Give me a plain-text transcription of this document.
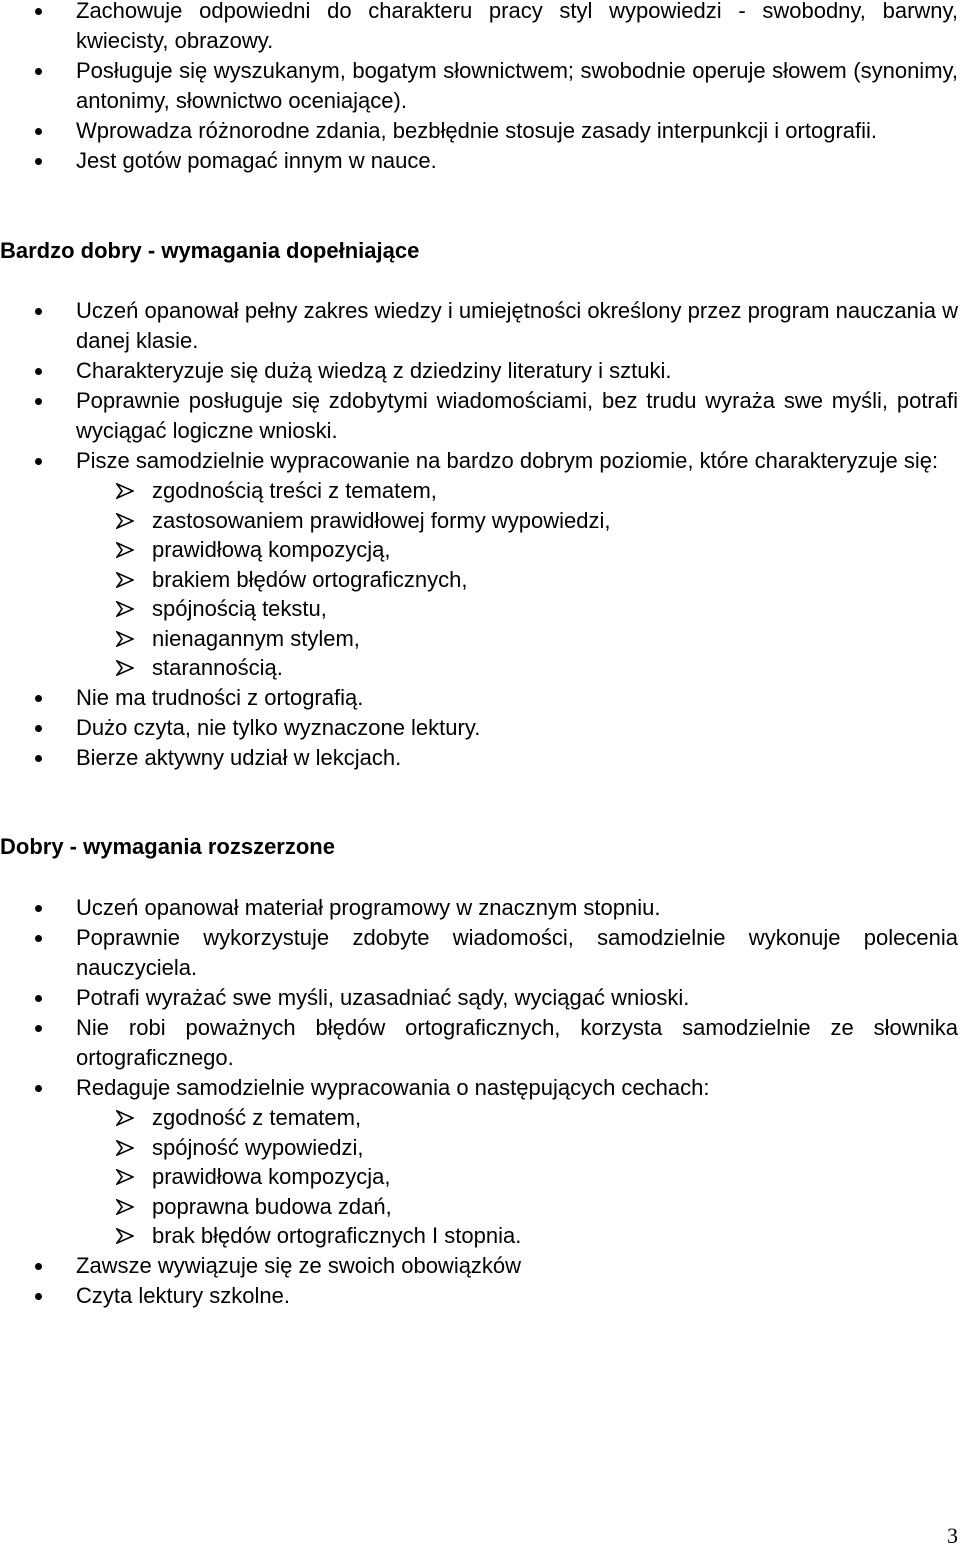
Zachowuje odpowiedni do charakteru pracy styl wypowiedzi - swobodny, barwny, kwiecisty, obrazowy.
Posługuje się wyszukanym, bogatym słownictwem; swobodnie operuje słowem (synonimy, antonimy, słownictwo oceniające).
Wprowadza różnorodne zdania, bezbłędnie stosuje zasady interpunkcji i ortografii.
Jest gotów pomagać innym w nauce.
Bardzo dobry - wymagania dopełniające
Uczeń opanował pełny zakres wiedzy i umiejętności określony przez program nauczania w danej klasie.
Charakteryzuje się dużą wiedzą z dziedziny literatury i sztuki.
Poprawnie posługuje się zdobytymi wiadomościami, bez trudu wyraża swe myśli, potrafi wyciągać logiczne wnioski.
Pisze samodzielnie wypracowanie na bardzo dobrym poziomie, które charakteryzuje się:
zgodnością treści z tematem,
zastosowaniem prawidłowej formy wypowiedzi,
prawidłową kompozycją,
brakiem błędów ortograficznych,
spójnością tekstu,
nienagannym stylem,
starannością.
Nie ma trudności z ortografią.
Dużo czyta, nie tylko wyznaczone lektury.
Bierze aktywny udział w lekcjach.
Dobry - wymagania rozszerzone
Uczeń opanował materiał programowy w znacznym stopniu.
Poprawnie wykorzystuje zdobyte wiadomości, samodzielnie wykonuje polecenia nauczyciela.
Potrafi wyrażać swe myśli, uzasadniać sądy, wyciągać wnioski.
Nie robi poważnych błędów ortograficznych, korzysta samodzielnie ze słownika ortograficznego.
Redaguje samodzielnie wypracowania o następujących cechach:
zgodność z tematem,
spójność wypowiedzi,
prawidłowa kompozycja,
poprawna budowa zdań,
brak błędów ortograficznych I stopnia.
Zawsze wywiązuje się ze swoich obowiązków
Czyta lektury szkolne.
3
